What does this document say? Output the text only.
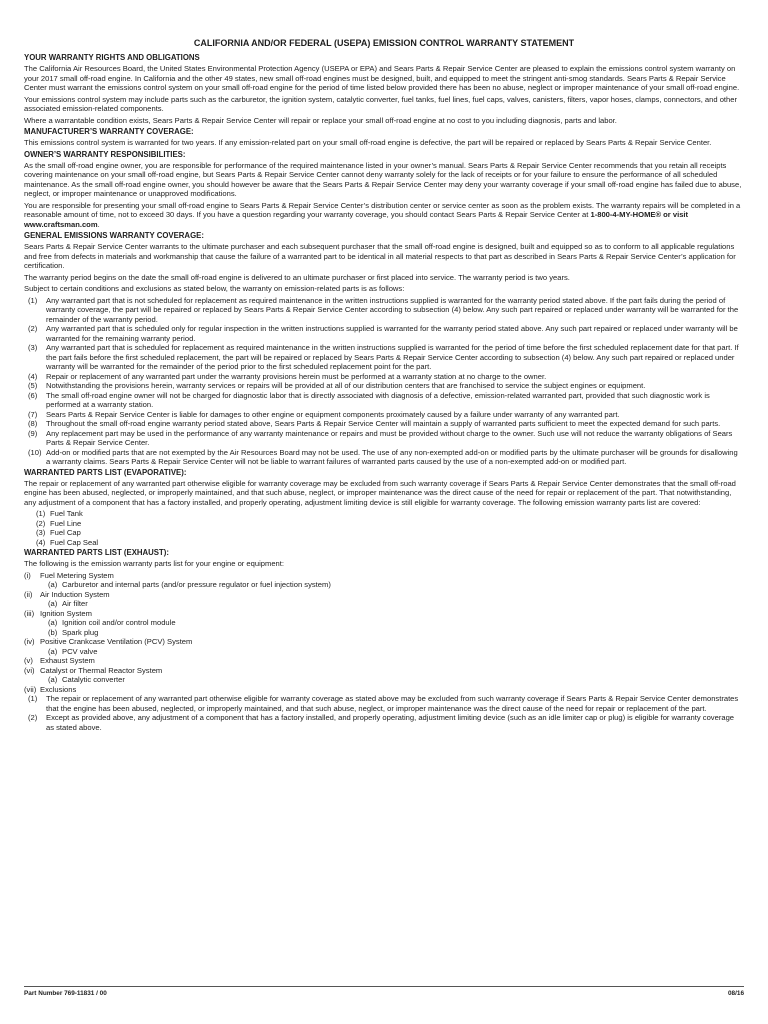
CALIFORNIA AND/OR FEDERAL (USEPA) EMISSION CONTROL WARRANTY STATEMENT
YOUR WARRANTY RIGHTS AND OBLIGATIONS

The California Air Resources Board, the United States Environmental Protection Agency (USEPA or EPA) and Sears Parts & Repair Service Center are pleased to explain the emissions control system warranty on your 2017 small off-road engine. In California and the other 49 states, new small off-road engines must be designed, built, and equipped to meet the stringent anti-smog standards. Sears Parts & Repair Service Center must warrant the emissions control system on your small off-road engine for the period of time listed below provided there has been no abuse, neglect or improper maintenance of your small off-road engine.

Your emissions control system may include parts such as the carburetor, the ignition system, catalytic converter, fuel tanks, fuel lines, fuel caps, valves, canisters, filters, vapor hoses, clamps, connectors, and other associated emission-related components.

Where a warrantable condition exists, Sears Parts & Repair Service Center will repair or replace your small off-road engine at no cost to you including diagnosis, parts and labor.

MANUFACTURER’S WARRANTY COVERAGE:

This emissions control system is warranted for two years. If any emission-related part on your small off-road engine is defective, the part will be repaired or replaced by Sears Parts & Repair Service Center.

OWNER’S WARRANTY RESPONSIBILITIES:

As the small off-road engine owner, you are responsible for performance of the required maintenance listed in your owner’s manual. Sears Parts & Repair Service Center recommends that you retain all receipts covering maintenance on your small off-road engine, but Sears Parts & Repair Service Center cannot deny warranty solely for the lack of receipts or for your failure to ensure the performance of all scheduled maintenance. As the small off-road engine owner, you should however be aware that the Sears Parts & Repair Service Center may deny your warranty coverage if your small off-road engine has failed due to abuse, neglect, or improper maintenance or unapproved modifications.

You are responsible for presenting your small off-road engine to Sears Parts & Repair Service Center’s distribution center or service center as soon as the problem exists. The warranty repairs will be completed in a reasonable amount of time, not to exceed 30 days. If you have a question regarding your warranty coverage, you should contact Sears Parts & Repair Service Center at 1-800-4-MY-HOME® or visit www.craftsman.com.

GENERAL EMISSIONS WARRANTY COVERAGE:

Sears Parts & Repair Service Center warrants to the ultimate purchaser and each subsequent purchaser that the small off-road engine is designed, built and equipped so as to conform to all applicable regulations and free from defects in materials and workmanship that cause the failure of a warranted part to be identical in all material respects to that part as described in Sears Parts & Repair Service Center’s application for certification.

The warranty period begins on the date the small off-road engine is delivered to an ultimate purchaser or first placed into service. The warranty period is two years.

Subject to certain conditions and exclusions as stated below, the warranty on emission-related parts is as follows:

(1)	Any warranted part that is not scheduled for replacement as required maintenance in the written instructions supplied is warranted for the warranty period stated above. If the part fails during the period of warranty coverage, the part will be repaired or replaced by Sears Parts & Repair Service Center according to subsection (4) below. Any such part repaired or replaced under warranty will be warranted for the remainder of the warranty period.
(2)	Any warranted part that is scheduled only for regular inspection in the written instructions supplied is warranted for the warranty period stated above. Any such part repaired or replaced under warranty will be warranted for the remaining warranty period.
(3)	Any warranted part that is scheduled for replacement as required maintenance in the written instructions supplied is warranted for the period of time before the first scheduled replacement date for that part. If the part fails before the first scheduled replacement, the part will be repaired or replaced by Sears Parts & Repair Service Center according to subsection (4) below. Any such part repaired or replaced under warranty will be warranted for the remainder of the period prior to the first scheduled replacement point for the part.
(4)	Repair or replacement of any warranted part under the warranty provisions herein must be performed at a warranty station at no charge to the owner.
(5)	Notwithstanding the provisions herein, warranty services or repairs will be provided at all of our distribution centers that are franchised to service the subject engines or equipment.
(6)	The small off-road engine owner will not be charged for diagnostic labor that is directly associated with diagnosis of a defective, emission-related warranted part, provided that such diagnostic work is performed at a warranty station.
(7)	Sears Parts & Repair Service Center is liable for damages to other engine or equipment components proximately caused by a failure under warranty of any warranted part.
(8)	Throughout the small off-road engine warranty period stated above, Sears Parts & Repair Service Center will maintain a supply of warranted parts sufficient to meet the expected demand for such parts.
(9)	Any replacement part may be used in the performance of any warranty maintenance or repairs and must be provided without charge to the owner. Such use will not reduce the warranty obligations of Sears Parts & Repair Service Center.
(10) Add-on or modified parts that are not exempted by the Air Resources Board may not be used. The use of any non-exempted add-on or modified parts by the ultimate purchaser will be grounds for disallowing a warranty claims. Sears Parts & Repair Service Center will not be liable to warrant failures of warranted parts caused by the use of a non-exempted add-on or modified part.
WARRANTED PARTS LIST (EVAPORATIVE):

The repair or replacement of any warranted part otherwise eligible for warranty coverage may be excluded from such warranty coverage if Sears Parts & Repair Service Center demonstrates that the small off-road engine has been abused, neglected, or improperly maintained, and that such abuse, neglect, or improper maintenance was the direct cause of the need for repair or replacement of the part. That notwithstanding, any adjustment of a component that has a factory installed, and properly operating, adjustment limiting device is still eligible for warranty coverage. The following emission warranty parts list are covered:

(1) Fuel Tank
(2) Fuel Line
(3) Fuel Cap
(4) Fuel Cap Seal
WARRANTED PARTS LIST (EXHAUST):

The following is the emission warranty parts list for your engine or equipment:

(i)	Fuel Metering System
(a) Carburetor and internal parts (and/or pressure regulator or fuel injection system)
(ii) Air Induction System
(a) Air filter
(iii) Ignition System
(a) Ignition coil and/or control module
(b) Spark plug
(iv) Positive Crankcase Ventilation (PCV) System
(a) PCV valve
(v) Exhaust System
(vi) Catalyst or Thermal Reactor System
(a) Catalytic converter
(vii) Exclusions
(1)	The repair or replacement of any warranted part otherwise eligible for warranty coverage as stated above may be excluded from such warranty coverage if Sears Parts & Repair Service Center demonstrates that the engine has been abused, neglected, or improperly maintained, and that such abuse, neglect, or improper maintenance was the direct cause of the need for repair or replacement of the part.
(2)	Except as provided above, any adjustment of a component that has a factory installed, and properly operating, adjustment limiting device (such as an idle limiter cap or plug) is eligible for warranty coverage as stated above.
Part Number 769-11831 / 00	08/16
